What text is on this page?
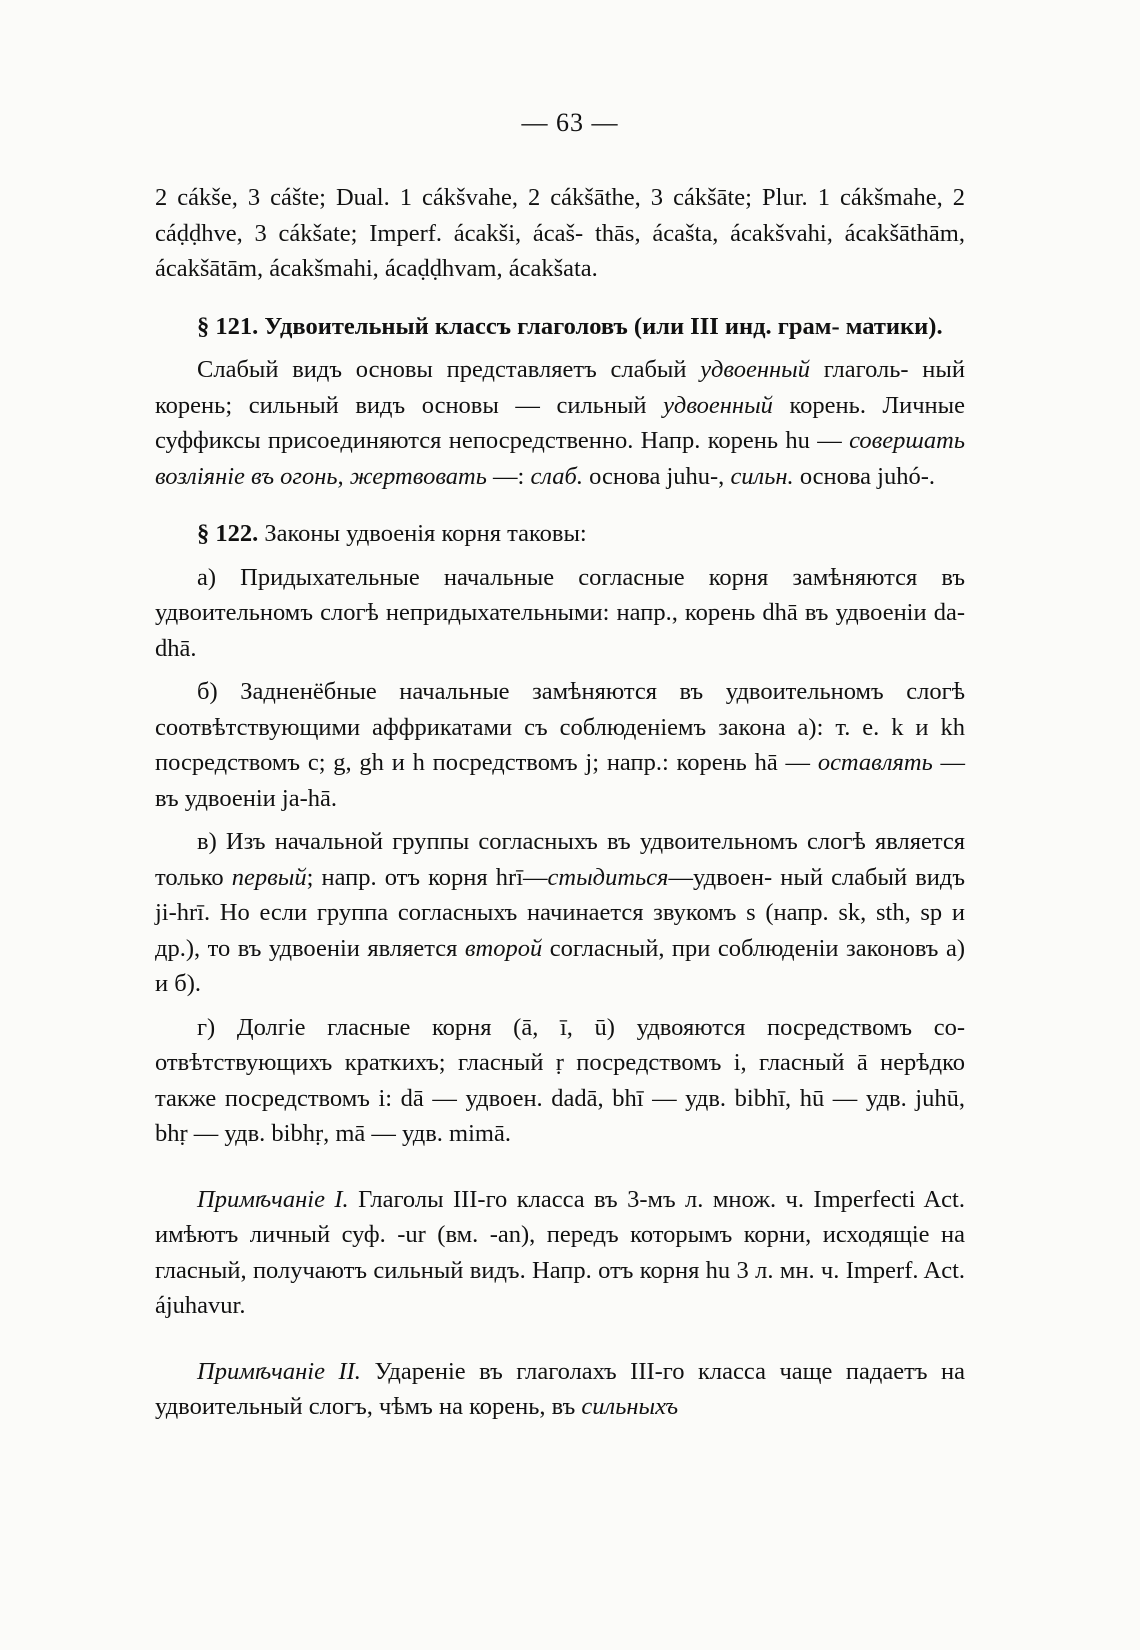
— 63 —

2 cákše, 3 cášte; Dual. 1 cákšvahe, 2 cákšāthe, 3 cákšāte; Plur. 1 cákšmahe, 2 cáḍḍhve, 3 cákšate; Imperf. ácakši, ácaš- thās, ácašta, ácakšvahi, ácakšāthām, ácakšātām, ácakšmahi, ácaḍḍhvam, ácakšata.

§ 121. Удвоительный классъ глаголовъ (или III инд. грам- матики).

Слабый видъ основы представляетъ слабый удвоенный глаголь- ный корень; сильный видъ основы — сильный удвоенный корень. Личные суффиксы присоединяются непосредственно. Напр. корень hu — совершать возліяніе въ огонь, жертвовать —: слаб. основа juhu-, сильн. основа juhó-.

§ 122. Законы удвоенія корня таковы:

а) Придыхательные начальные согласные корня замѣняются въ удвоительномъ слогѣ непридыхательными: напр., корень dhā въ удвоеніи da-dhā.

б) Задненёбные начальные замѣняются въ удвоительномъ слогѣ соотвѣтствующими аффрикатами съ соблюденіемъ закона а): т. е. k и kh посредствомъ c; g, gh и h посредствомъ j; напр.: корень hā — оставлять — въ удвоеніи ja-hā.

в) Изъ начальной группы согласныхъ въ удвоительномъ слогѣ является только первый; напр. отъ корня hrī—стыдиться—удвоен- ный слабый видъ ji-hrī. Но если группа согласныхъ начинается звукомъ s (напр. sk, sth, sp и др.), то въ удвоеніи является второй согласный, при соблюденіи законовъ а) и б).

г) Долгіе гласные корня (ā, ī, ū) удвояются посредствомъ со- отвѣтствующихъ краткихъ; гласный ṛ посредствомъ i, гласный ā нерѣдко также посредствомъ i: dā — удвоен. dadā, bhī — удв. bibhī, hū — удв. juhū, bhṛ — удв. bibhṛ, mā — удв. mimā.

Примѣчаніе I. Глаголы III-го класса въ 3-мъ л. множ. ч. Imperfecti Act. имѣютъ личный суф. -ur (вм. -an), передъ которымъ корни, исходящіе на гласный, получаютъ сильный видъ. Напр. отъ корня hu 3 л. мн. ч. Imperf. Act. ájuhavur.

Примѣчаніе II. Удареніе въ глаголахъ III-го класса чаще падаетъ на удвоительный слогъ, чѣмъ на корень, въ сильныхъ
